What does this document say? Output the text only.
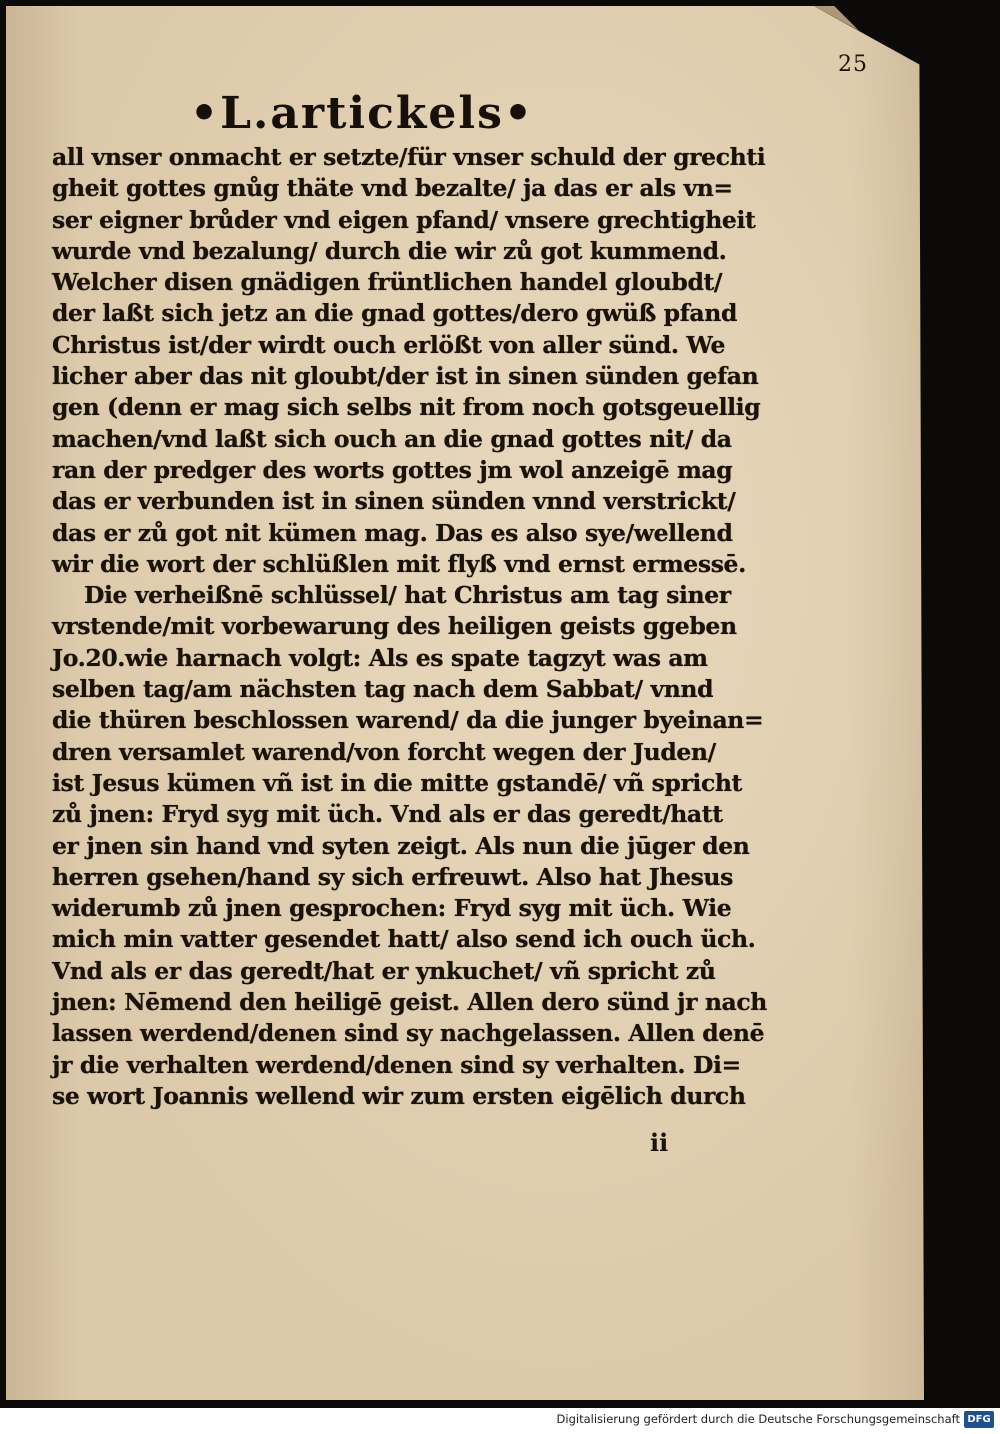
25
•L.artickels•
all vnser onmacht er setzte/für vnser schuld der grechti
gheit gottes gnůg thäte vnd bezalte/ ja das er als vn=
ser eigner brůder vnd eigen pfand/ vnsere grechtigheit
wurde vnd bezalung/ durch die wir zů got kummend.
Welcher disen gnädigen früntlichen handel gloubdt/
der laßt sich jetz an die gnad gottes/dero gwüß pfand
Christus ist/der wirdt ouch erlößt von aller sünd. We
licher aber das nit gloubt/der ist in sinen sünden gefan
gen (denn er mag sich selbs nit from noch gotsgeuellig
machen/vnd laßt sich ouch an die gnad gottes nit/ da
ran der predger des worts gottes jm wol anzeigē mag
das er verbunden ist in sinen sünden vnnd verstrickt/
das er zů got nit kümen mag. Das es also sye/wellend
wir die wort der schlüßlen mit flyß vnd ernst ermessē.
Die verheißnē schlüssel/ hat Christus am tag siner
vrstende/mit vorbewarung des heiligen geists ggeben
Jo.20.wie harnach volgt: Als es spate tagzyt was am
selben tag/am nächsten tag nach dem Sabbat/ vnnd
die thüren beschlossen warend/ da die junger byeinan=
dren versamlet warend/von forcht wegen der Juden/
ist Jesus kümen vñ ist in die mitte gstandē/ vñ spricht
zů jnen: Fryd syg mit üch. Vnd als er das geredt/hatt
er jnen sin hand vnd syten zeigt. Als nun die jūger den
herren gsehen/hand sy sich erfreuwt. Also hat Jhesus
widerumb zů jnen gesprochen: Fryd syg mit üch. Wie
mich min vatter gesendet hatt/ also send ich ouch üch.
Vnd als er das geredt/hat er ynkuchet/ vñ spricht zů
jnen: Nēmend den heiligē geist. Allen dero sünd jr nach
lassen werdend/denen sind sy nachgelassen. Allen denē
jr die verhalten werdend/denen sind sy verhalten. Di=
se wort Joannis wellend wir zum ersten eigēlich durch
ii
Digitalisierung gefördert durch die Deutsche Forschungsgemeinschaft DFG
